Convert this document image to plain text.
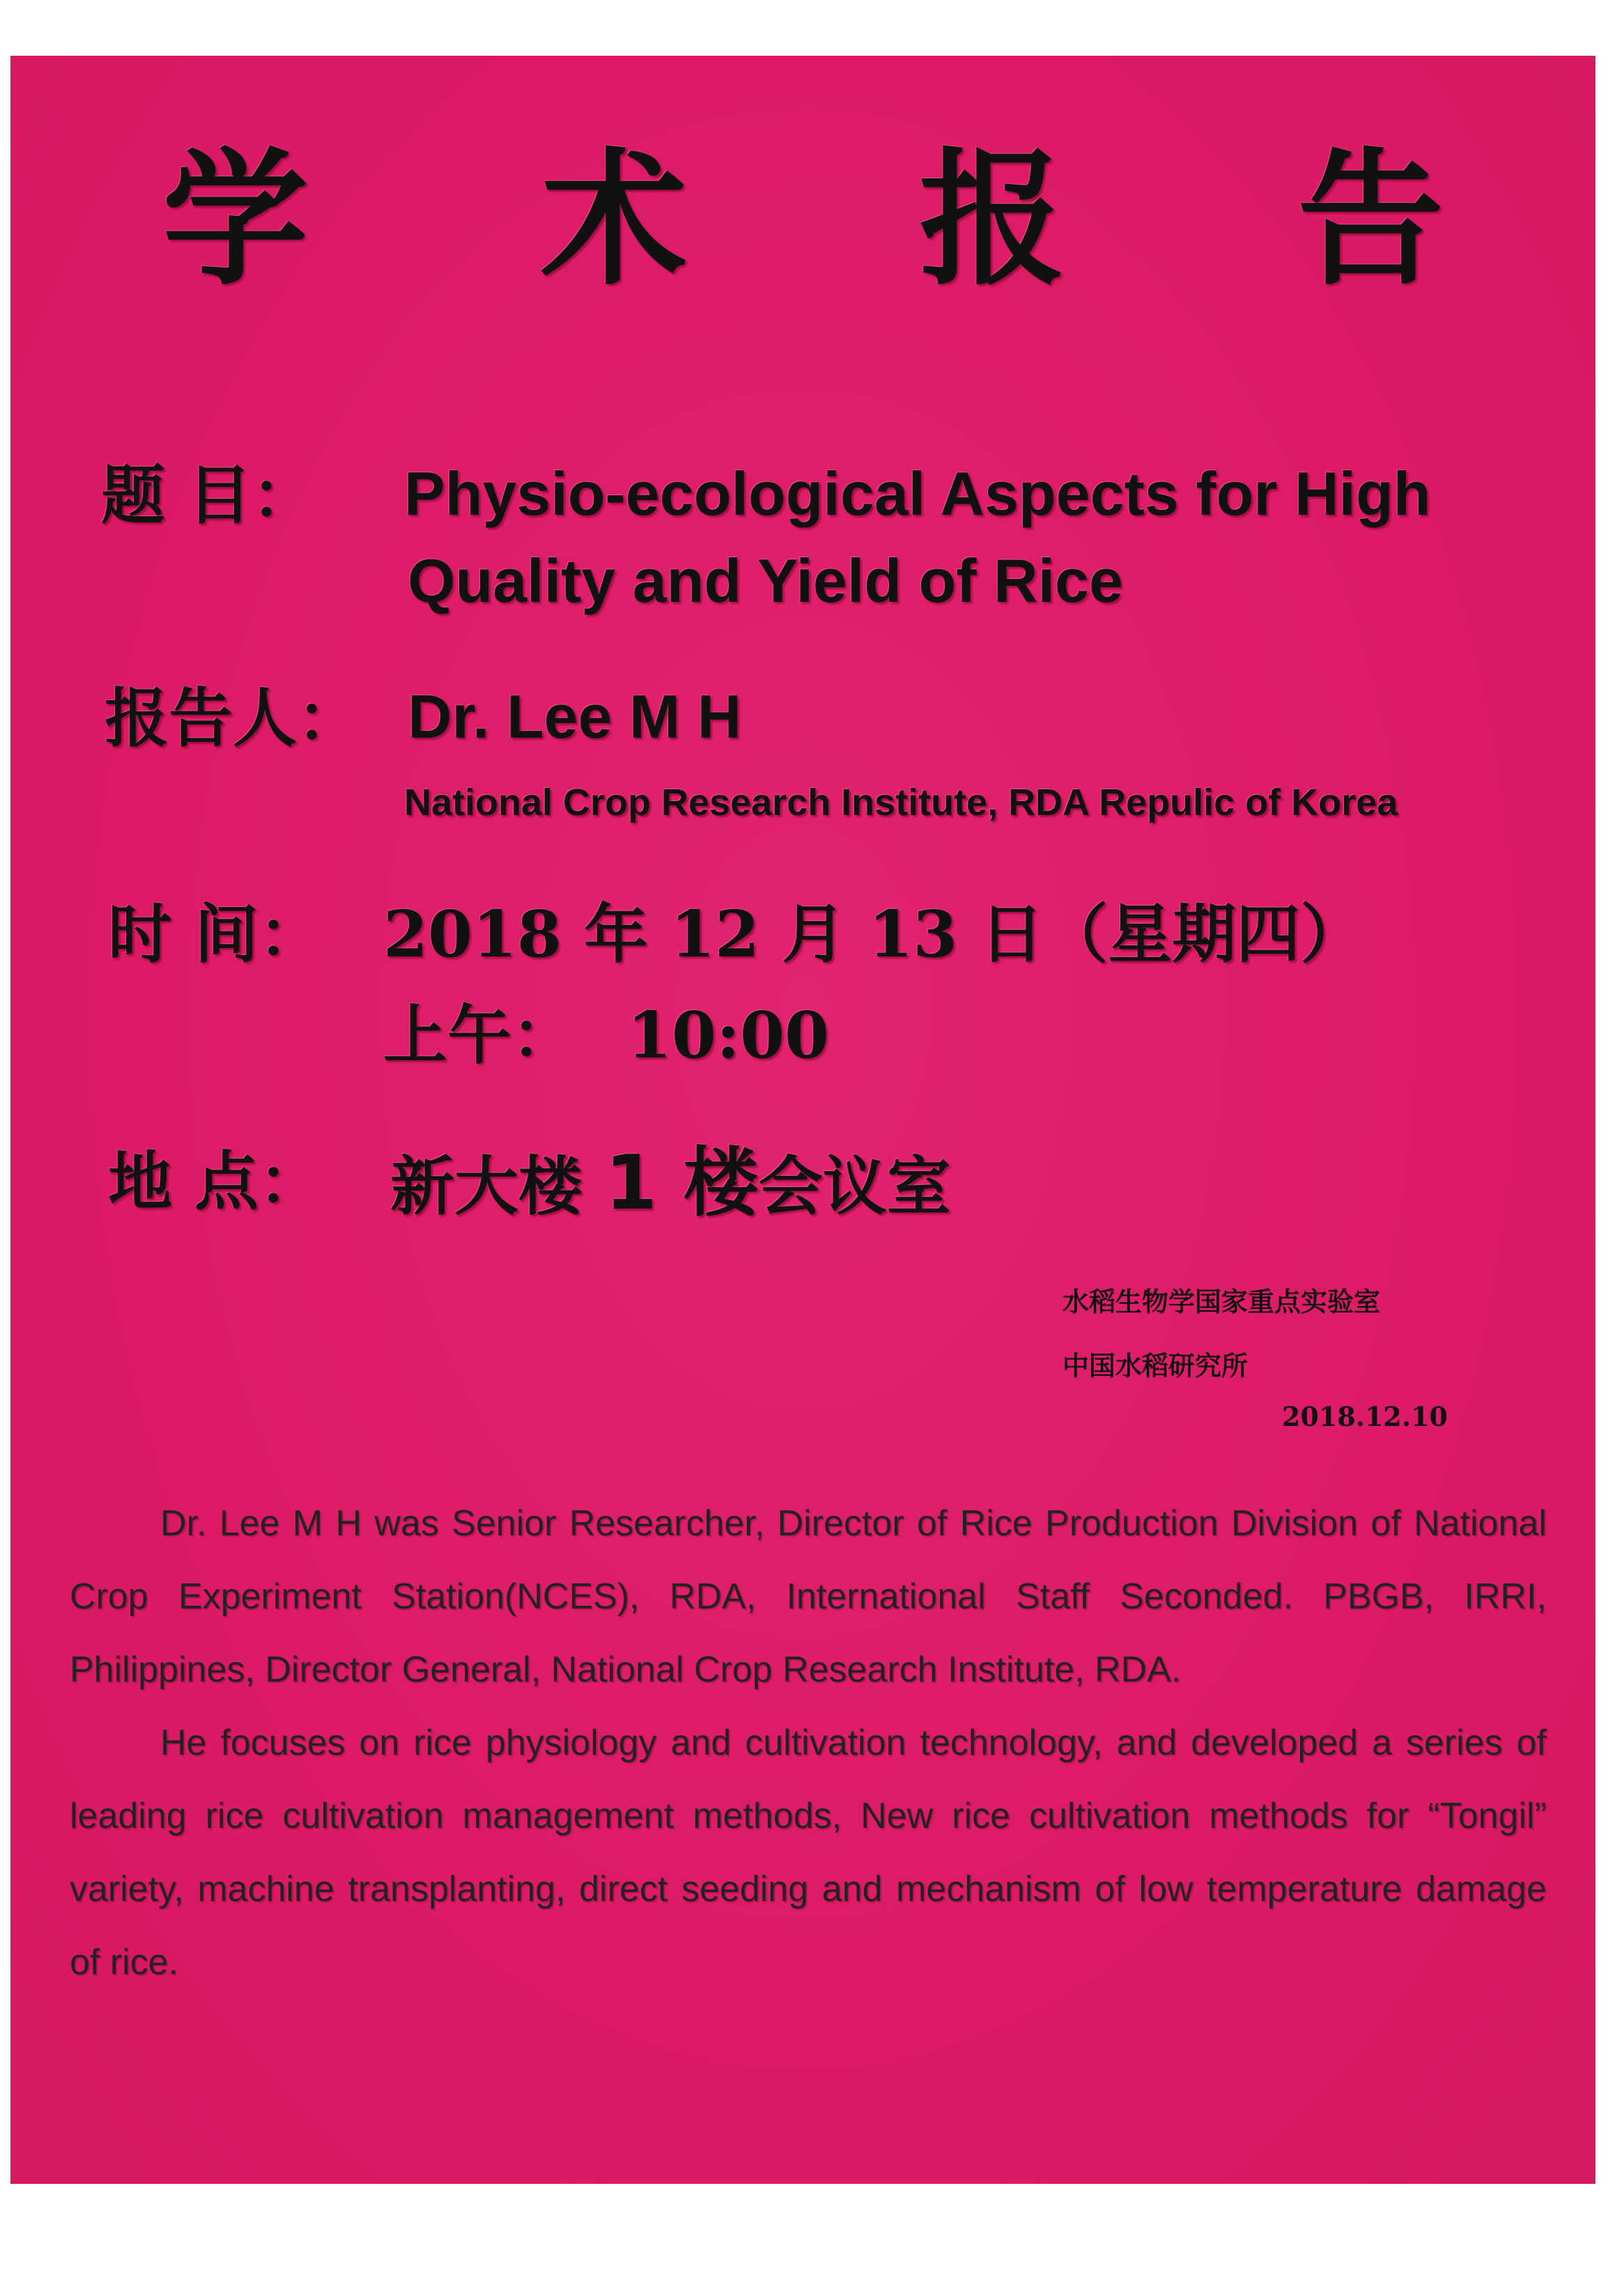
学 术 报 告
题 目： Physio-ecological Aspects for High
Quality and Yield of Rice
报告人： Dr. Lee M H
National Crop Research Institute, RDA Repulic of Korea
时 间： 2018 年 12 月 13 日（星期四）
上午： 10:00
地 点： 新大楼 1 楼会议室
水稻生物学国家重点实验室
中国水稻研究所
2018.12.10

Dr. Lee M H was Senior Researcher, Director of Rice Production Division of National Crop Experiment Station(NCES), RDA, International Staff Seconded. PBGB, IRRI, Philippines, Director General, National Crop Research Institute, RDA.

He focuses on rice physiology and cultivation technology, and developed a series of leading rice cultivation management methods, New rice cultivation methods for “Tongil” variety, machine transplanting, direct seeding and mechanism of low temperature damage of rice.
